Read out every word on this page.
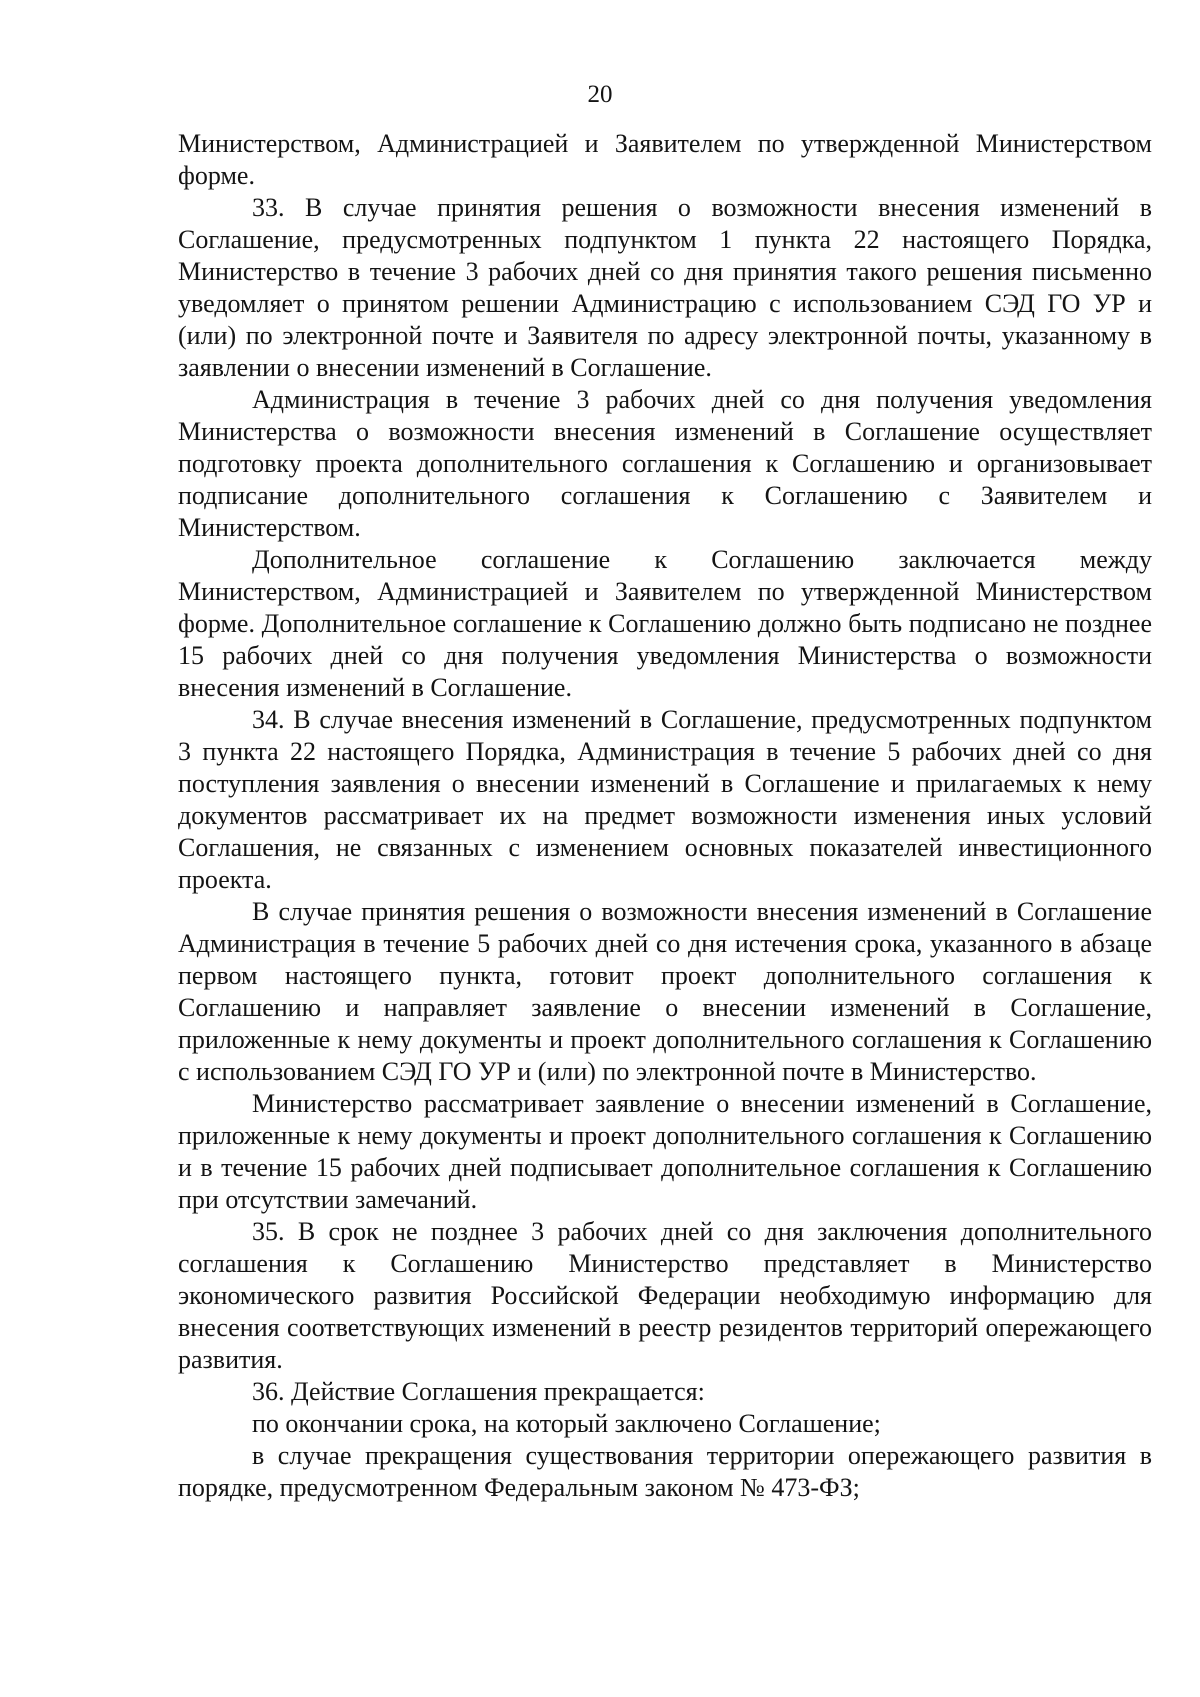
20

Министерством, Администрацией и Заявителем по утвержденной Министерством форме.

33. В случае принятия решения о возможности внесения изменений в Соглашение, предусмотренных подпунктом 1 пункта 22 настоящего Порядка, Министерство в течение 3 рабочих дней со дня принятия такого решения письменно уведомляет о принятом решении Администрацию с использованием СЭД ГО УР и (или) по электронной почте и Заявителя по адресу электронной почты, указанному в заявлении о внесении изменений в Соглашение.

Администрация в течение 3 рабочих дней со дня получения уведомления Министерства о возможности внесения изменений в Соглашение осуществляет подготовку проекта дополнительного соглашения к Соглашению и организовывает подписание дополнительного соглашения к Соглашению с Заявителем и Министерством.

Дополнительное соглашение к Соглашению заключается между Министерством, Администрацией и Заявителем по утвержденной Министерством форме. Дополнительное соглашение к Соглашению должно быть подписано не позднее 15 рабочих дней со дня получения уведомления Министерства о возможности внесения изменений в Соглашение.

34. В случае внесения изменений в Соглашение, предусмотренных подпунктом 3 пункта 22 настоящего Порядка, Администрация в течение 5 рабочих дней со дня поступления заявления о внесении изменений в Соглашение и прилагаемых к нему документов рассматривает их на предмет возможности изменения иных условий Соглашения, не связанных с изменением основных показателей инвестиционного проекта.

В случае принятия решения о возможности внесения изменений в Соглашение Администрация в течение 5 рабочих дней со дня истечения срока, указанного в абзаце первом настоящего пункта, готовит проект дополнительного соглашения к Соглашению и направляет заявление о внесении изменений в Соглашение, приложенные к нему документы и проект дополнительного соглашения к Соглашению с использованием СЭД ГО УР и (или) по электронной почте в Министерство.

Министерство рассматривает заявление о внесении изменений в Соглашение, приложенные к нему документы и проект дополнительного соглашения к Соглашению и в течение 15 рабочих дней подписывает дополнительное соглашения к Соглашению при отсутствии замечаний.

35. В срок не позднее 3 рабочих дней со дня заключения дополнительного соглашения к Соглашению Министерство представляет в Министерство экономического развития Российской Федерации необходимую информацию для внесения соответствующих изменений в реестр резидентов территорий опережающего развития.

36. Действие Соглашения прекращается:

по окончании срока, на который заключено Соглашение;

в случае прекращения существования территории опережающего развития в порядке, предусмотренном Федеральным законом № 473-ФЗ;
